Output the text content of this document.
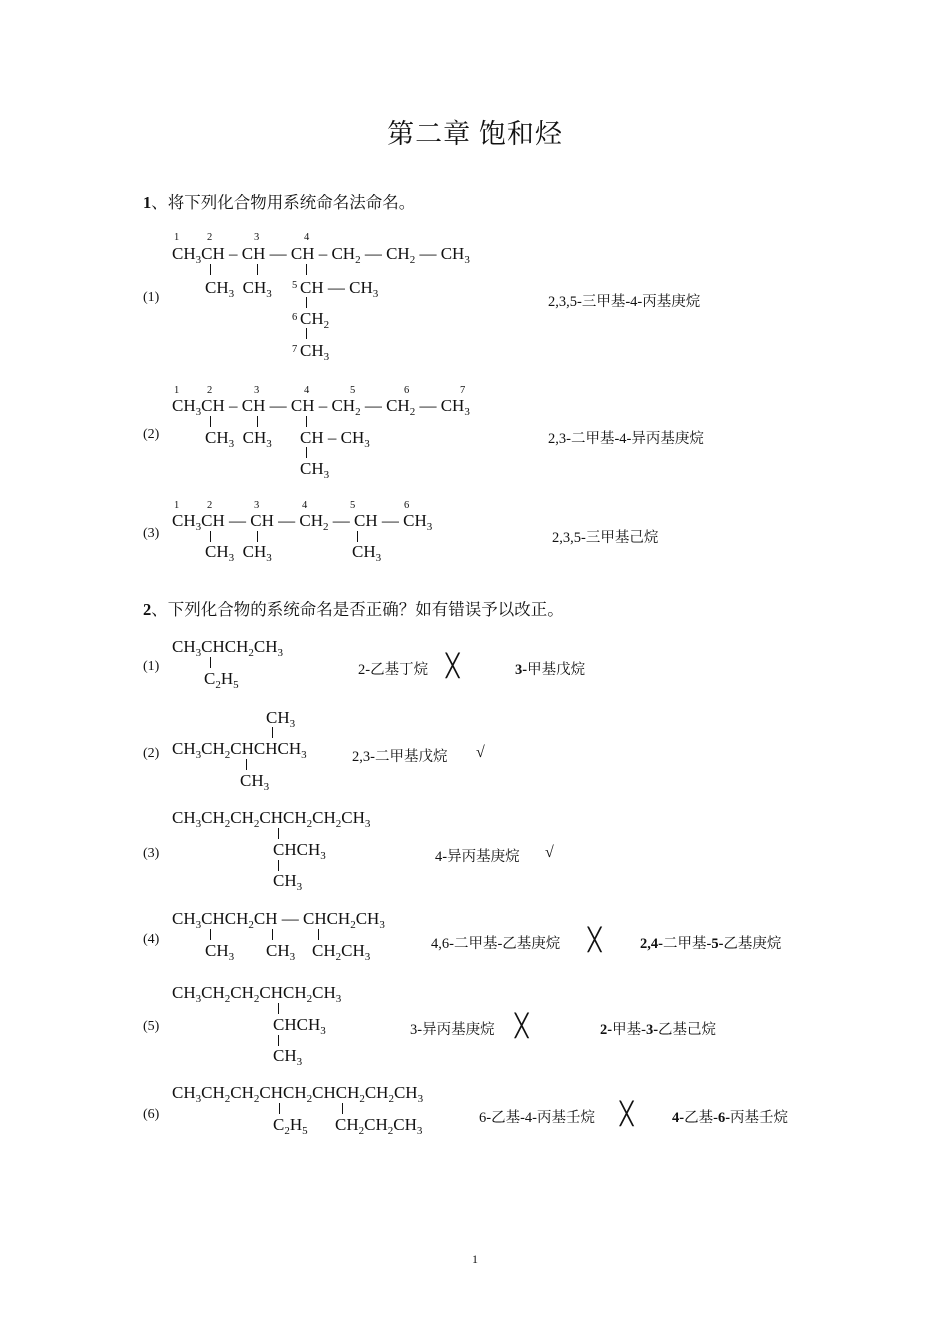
第二章 饱和烃
1、将下列化合物用系统命名法命名。
1	2	3	4
$CH_3CH$ – CH — CH – $CH_2$ — $CH_2$ — $CH_3$
$CH_3$  $CH_3$
5 CH — $CH_3$
6 $CH_2$
7 $CH_3$
(1)	2,3,5-三甲基-4-丙基庚烷
1	2	3	4	5	6	7
$CH_3CH$ – CH — CH – $CH_2$ — $CH_2$ — $CH_3$
$CH_3$  $CH_3$ CH – $CH_3$
$CH_3$
(2)	2,3-二甲基-4-异丙基庚烷
1	2	3	4	5	6
$CH_3CH$ — CH — $CH_2$ — CH — $CH_3$
$CH_3$  $CH_3$	$CH_3$
(3)	2,3,5-三甲基己烷
2、下列化合物的系统命名是否正确？如有错误予以改正。
$CH_3CHCH_2CH_3$
$C_2H_5$
(1)	2-乙基丁烷 ╳	3-甲基戊烷
$CH_3$
$CH_3CH_2CHCHCH_3$
$CH_3$
(2)	2,3-二甲基戊烷 √
$CH_3CH_2CH_2CHCH_2CH_2CH_3$
$CHCH_3$
$CH_3$
(3)	4-异丙基庚烷 √
$CH_3CHCH_2CH$ — $CHCH_2CH_3$
$CH_3$ $CH_3$ $CH_2CH_3$
(4)	4,6-二甲基-乙基庚烷 ╳	2,4-二甲基-5-乙基庚烷
$CH_3CH_2CH_2CHCH_2CH_3$
$CHCH_3$
$CH_3$
(5)	3-异丙基庚烷 ╳	2-甲基-3-乙基己烷
$CH_3CH_2CH_2CHCH_2CHCH_2CH_2CH_3$
$C_2H_5$ $CH_2CH_2CH_3$
(6)	6-乙基-4-丙基壬烷 ╳	4-乙基-6-丙基壬烷
1
